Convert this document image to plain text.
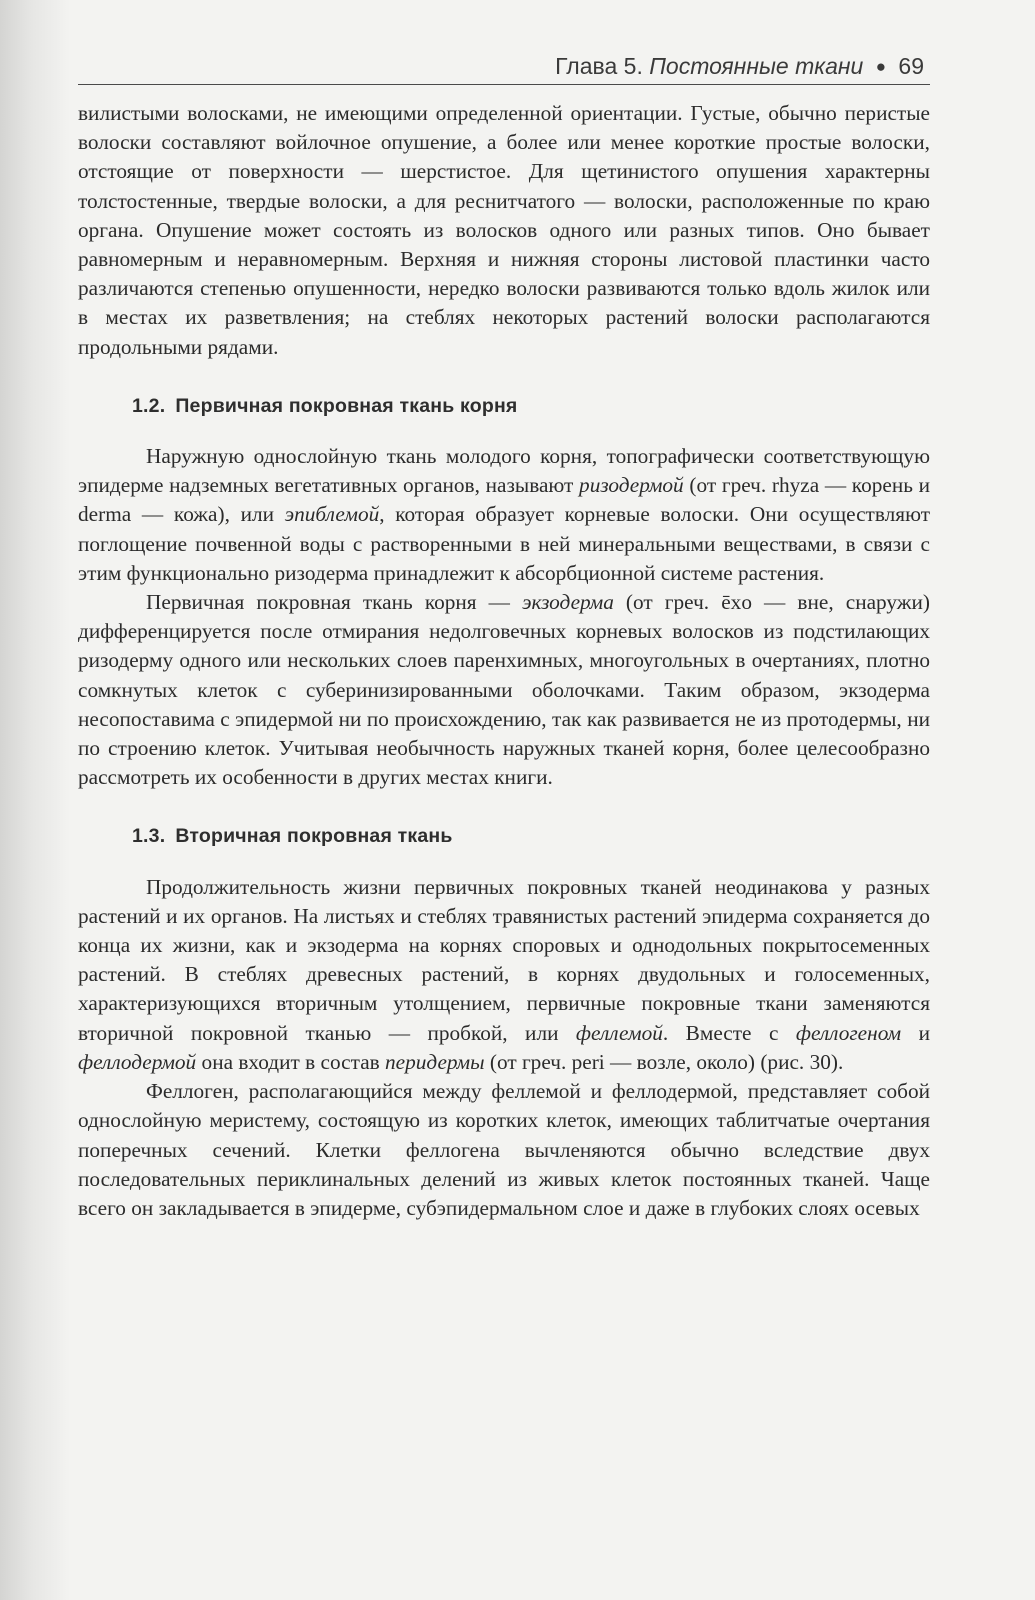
Глава 5. Постоянные ткани ● 69

вилистыми волосками, не имеющими определенной ориентации. Густые, обычно перистые волоски составляют войлочное опушение, а более или менее короткие простые волоски, отстоящие от поверхности — шерстистое. Для щетинистого опушения характерны толстостенные, твердые волоски, а для реснитчатого — волоски, расположенные по краю органа. Опушение может состоять из волосков одного или разных типов. Оно бывает равномерным и неравномерным. Верхняя и нижняя стороны листовой пластинки часто различаются степенью опушенности, нередко волоски развиваются только вдоль жилок или в местах их разветвления; на стеблях некоторых растений волоски располагаются продольными рядами.

1.2. Первичная покровная ткань корня

Наружную однослойную ткань молодого корня, топографически соответствующую эпидерме надземных вегетативных органов, называют ризодермой (от греч. rhyza — корень и derma — кожа), или эпиблемой, которая образует корневые волоски. Они осуществляют поглощение почвенной воды с растворенными в ней минеральными веществами, в связи с этим функционально ризодерма принадлежит к абсорбционной системе растения.

Первичная покровная ткань корня — экзодерма (от греч. ēxo — вне, снаружи) дифференцируется после отмирания недолговечных корневых волосков из подстилающих ризодерму одного или нескольких слоев паренхимных, многоугольных в очертаниях, плотно сомкнутых клеток с суберинизированными оболочками. Таким образом, экзодерма несопоставима с эпидермой ни по происхождению, так как развивается не из протодермы, ни по строению клеток. Учитывая необычность наружных тканей корня, более целесообразно рассмотреть их особенности в других местах книги.

1.3. Вторичная покровная ткань

Продолжительность жизни первичных покровных тканей неодинакова у разных растений и их органов. На листьях и стеблях травянистых растений эпидерма сохраняется до конца их жизни, как и экзодерма на корнях споровых и однодольных покрытосеменных растений. В стеблях древесных растений, в корнях двудольных и голосеменных, характеризующихся вторичным утолщением, первичные покровные ткани заменяются вторичной покровной тканью — пробкой, или феллемой. Вместе с феллогеном и феллодермой она входит в состав перидермы (от греч. peri — возле, около) (рис. 30).

Феллоген, располагающийся между феллемой и феллодермой, представляет собой однослойную меристему, состоящую из коротких клеток, имеющих таблитчатые очертания поперечных сечений. Клетки феллогена вычленяются обычно вследствие двух последовательных периклинальных делений из живых клеток постоянных тканей. Чаще всего он закладывается в эпидерме, субэпидермальном слое и даже в глубоких слоях осевых
